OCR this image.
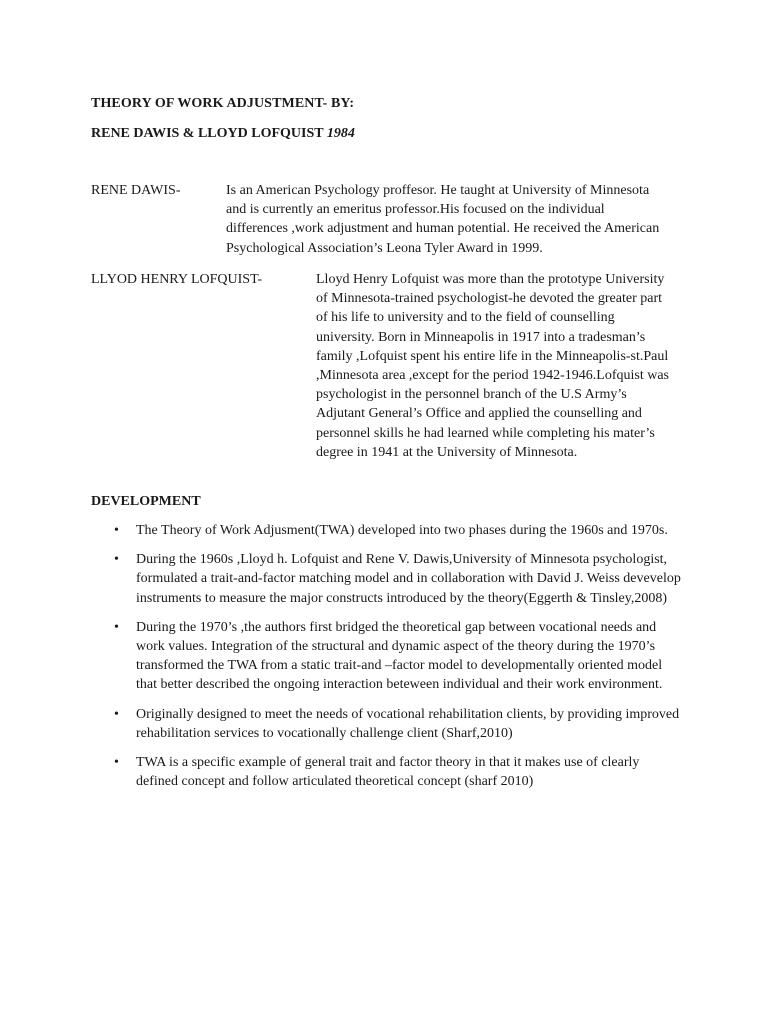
THEORY OF WORK ADJUSTMENT- BY:
RENE DAWIS & LLOYD LOFQUIST 1984
RENE DAWIS-	Is an American Psychology proffesor. He taught at University of Minnesota and is currently an emeritus professor.His focused on the individual differences ,work adjustment and human potential. He received the American Psychological Association’s Leona Tyler Award in 1999.
LLYOD HENRY LOFQUIST-	Lloyd Henry Lofquist was more than the prototype University of Minnesota-trained psychologist-he devoted the greater part of his life to university and to the field of counselling university. Born in Minneapolis in 1917 into a tradesman’s family ,Lofquist spent his entire life in the Minneapolis-st.Paul ,Minnesota area ,except for the period 1942-1946.Lofquist was psychologist in the personnel branch of the U.S Army’s Adjutant General’s Office and applied the counselling and personnel skills he had learned while completing his mater’s degree in 1941 at the University of Minnesota.
DEVELOPMENT
• The Theory of Work Adjusment(TWA) developed into two phases during the 1960s and 1970s.
• During the 1960s ,Lloyd h. Lofquist and Rene V. Dawis,University of Minnesota psychologist, formulated a trait-and-factor matching model and in collaboration with David J. Weiss devevelop instruments to measure the major constructs introduced by the theory(Eggerth & Tinsley,2008)
• During the 1970’s ,the authors first bridged the theoretical gap between vocational needs and work values. Integration of the structural and dynamic aspect of the theory during the 1970’s transformed the TWA from a static trait-and –factor model to developmentally oriented model that better described the ongoing interaction beteween individual and their work environment.
• Originally designed to meet the needs of vocational rehabilitation clients, by providing improved rehabilitation services to vocationally challenge client (Sharf,2010)
• TWA is a specific example of general trait and factor theory in that it makes use of clearly defined concept and follow articulated theoretical concept (sharf 2010)
